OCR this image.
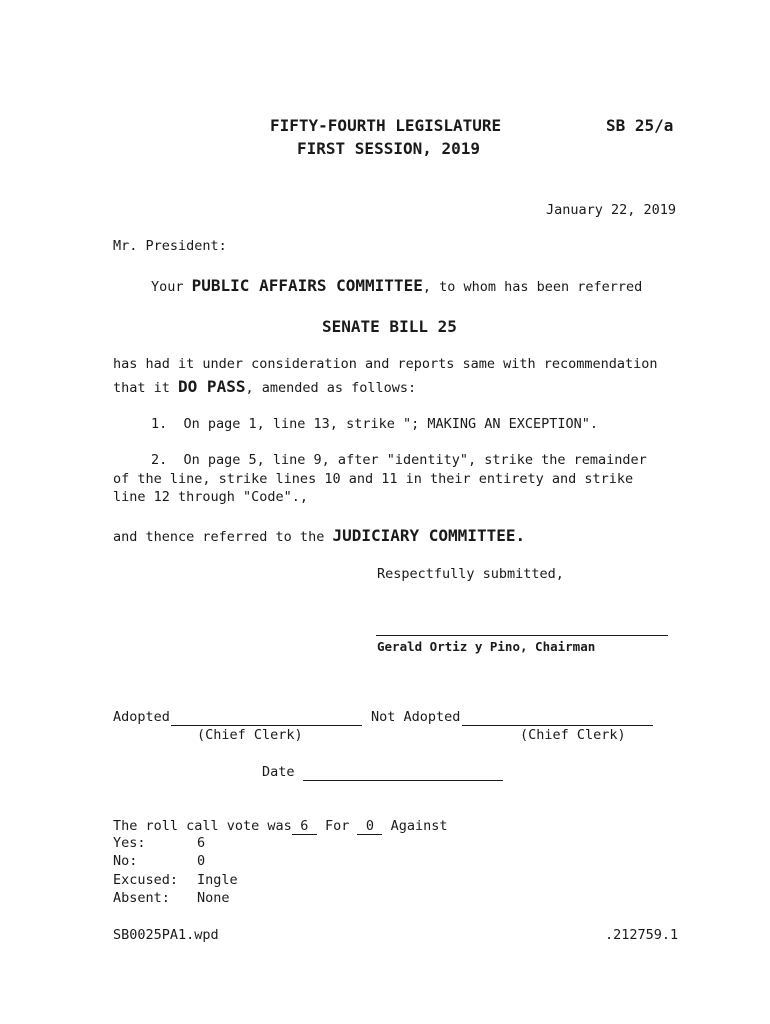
FIFTY-FOURTH LEGISLATURE	SB 25/a
FIRST SESSION, 2019
January 22, 2019
Mr. President:
Your PUBLIC AFFAIRS COMMITTEE, to whom has been referred
SENATE BILL 25
has had it under consideration and reports same with recommendation
that it DO PASS, amended as follows:
1.  On page 1, line 13, strike "; MAKING AN EXCEPTION".
2.  On page 5, line 9, after "identity", strike the remainder
of the line, strike lines 10 and 11 in their entirety and strike
line 12 through "Code".,
and thence referred to the JUDICIARY COMMITTEE.
Respectfully submitted,
Gerald Ortiz y Pino, Chairman
Adopted	Not Adopted
(Chief Clerk)	(Chief Clerk)
Date
The roll call vote was 6 For 0 Against
Yes:	6
No:	0
Excused: Ingle
Absent: None
SB0025PA1.wpd	.212759.1
